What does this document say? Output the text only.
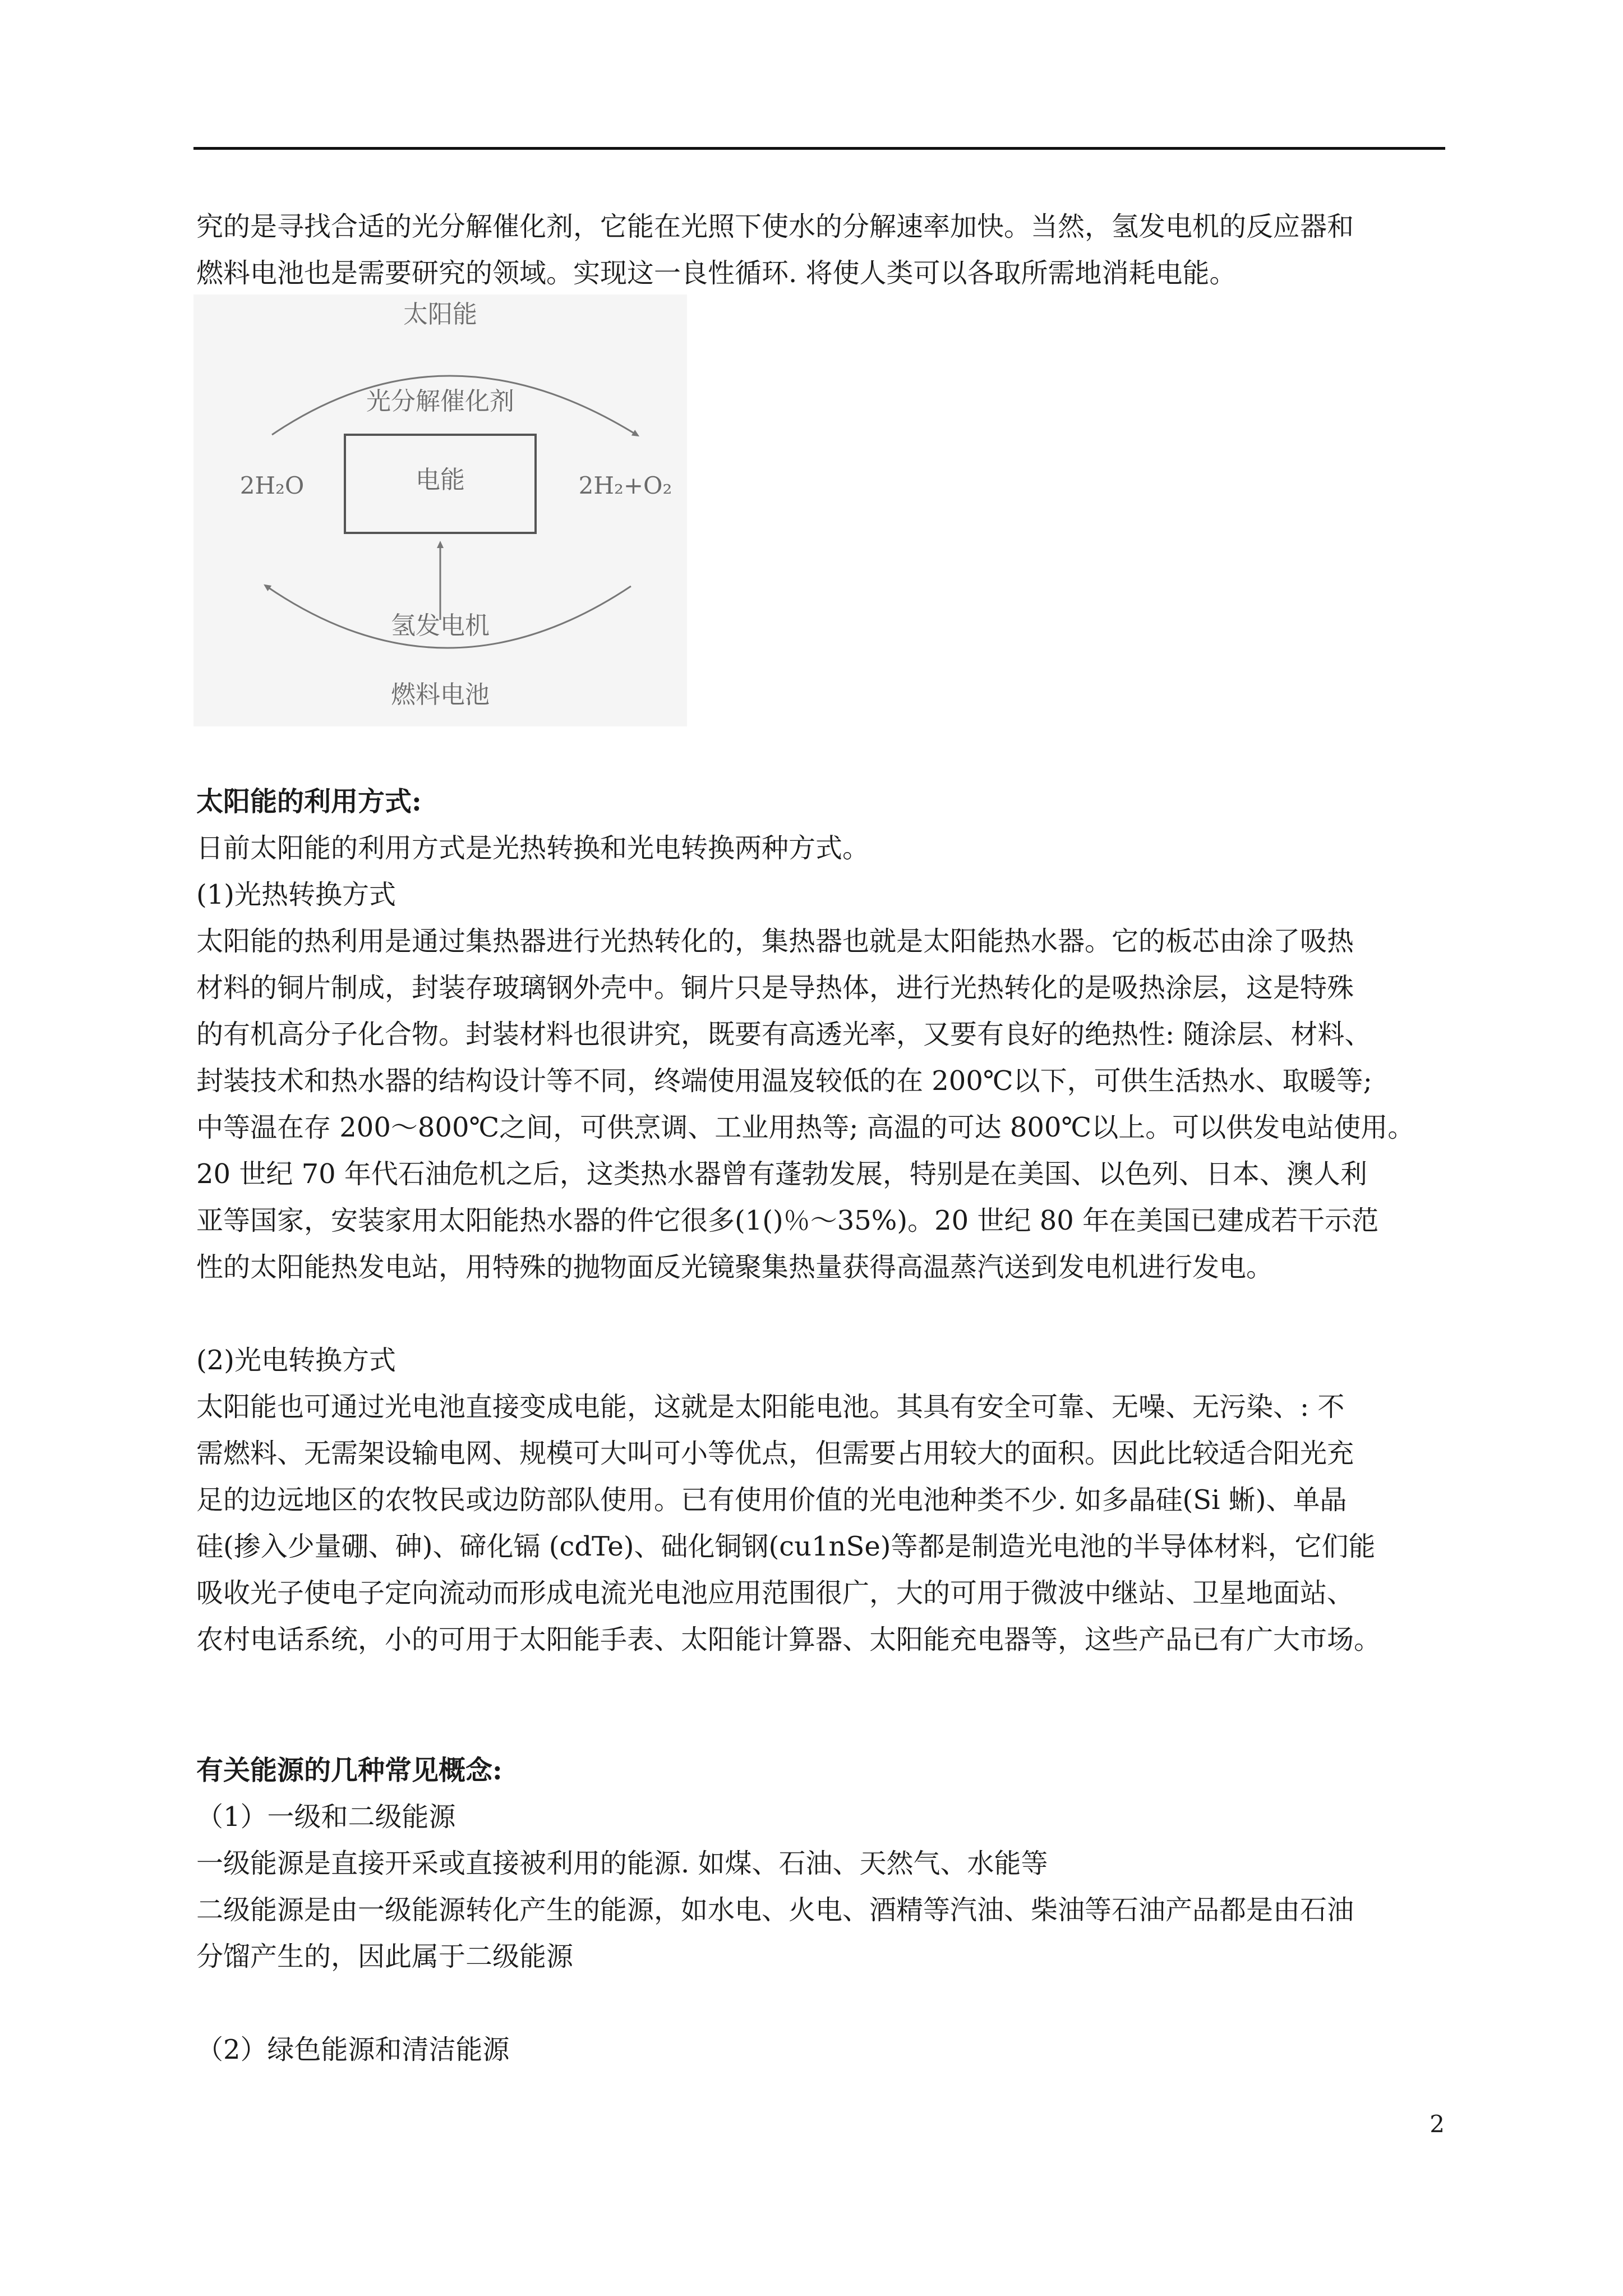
究的是寻找合适的光分解催化剂，它能在光照下使水的分解速率加快。当然，氢发电机的反应器和
燃料电池也是需要研究的领域。实现这一良性循环. 将使人类可以各取所需地消耗电能。
太阳能
光分解催化剂
电能
氢发电机
燃料电池
2H₂O	2H₂+O₂
太阳能的利用方式:
日前太阳能的利用方式是光热转换和光电转换两种方式。
(1)光热转换方式
太阳能的热利用是通过集热器进行光热转化的，集热器也就是太阳能热水器。它的板芯由涂了吸热
材料的铜片制成，封装存玻璃钢外壳中。铜片只是导热体，进行光热转化的是吸热涂层，这是特殊
的有机高分子化合物。封装材料也很讲究，既要有高透光率，又要有良好的绝热性: 随涂层、材料、
封装技术和热水器的结构设计等不同，终端使用温岌较低的在 200℃以下，可供生活热水、取暖等;
中等温在存 200～800℃之间，可供烹调、工业用热等; 高温的可达 800℃以上。可以供发电站使用。
20 世纪 70 年代石油危机之后，这类热水器曾有蓬勃发展，特别是在美国、以色列、日本、澳人利
亚等国家，安装家用太阳能热水器的件它很多(1()％～35%)。20 世纪 80 年在美国已建成若干示范
性的太阳能热发电站，用特殊的抛物面反光镜聚集热量获得高温蒸汽送到发电机进行发电。
(2)光电转换方式
太阳能也可通过光电池直接变成电能，这就是太阳能电池。其具有安全可靠、无噪、无污染、: 不
需燃料、无需架设输电网、规模可大叫可小等优点，但需要占用较大的面积。因此比较适合阳光充
足的边远地区的农牧民或边防部队使用。已有使用价值的光电池种类不少. 如多晶硅(Si 蜥)、单晶
硅(掺入少量硼、砷)、碲化镉 (cdTe)、础化铜钢(cu1nSe)等都是制造光电池的半导体材料，它们能
吸收光子使电子定向流动而形成电流光电池应用范围很广，大的可用于微波中继站、卫星地面站、
农村电话系统，小的可用于太阳能手表、太阳能计算器、太阳能充电器等，这些产品已有广大市场。
有关能源的几种常见概念:
（1）一级和二级能源
一级能源是直接开采或直接被利用的能源. 如煤、石油、天然气、水能等
二级能源是由一级能源转化产生的能源，如水电、火电、酒精等汽油、柴油等石油产品都是由石油
分馏产生的，因此属于二级能源
（2）绿色能源和清洁能源
2
